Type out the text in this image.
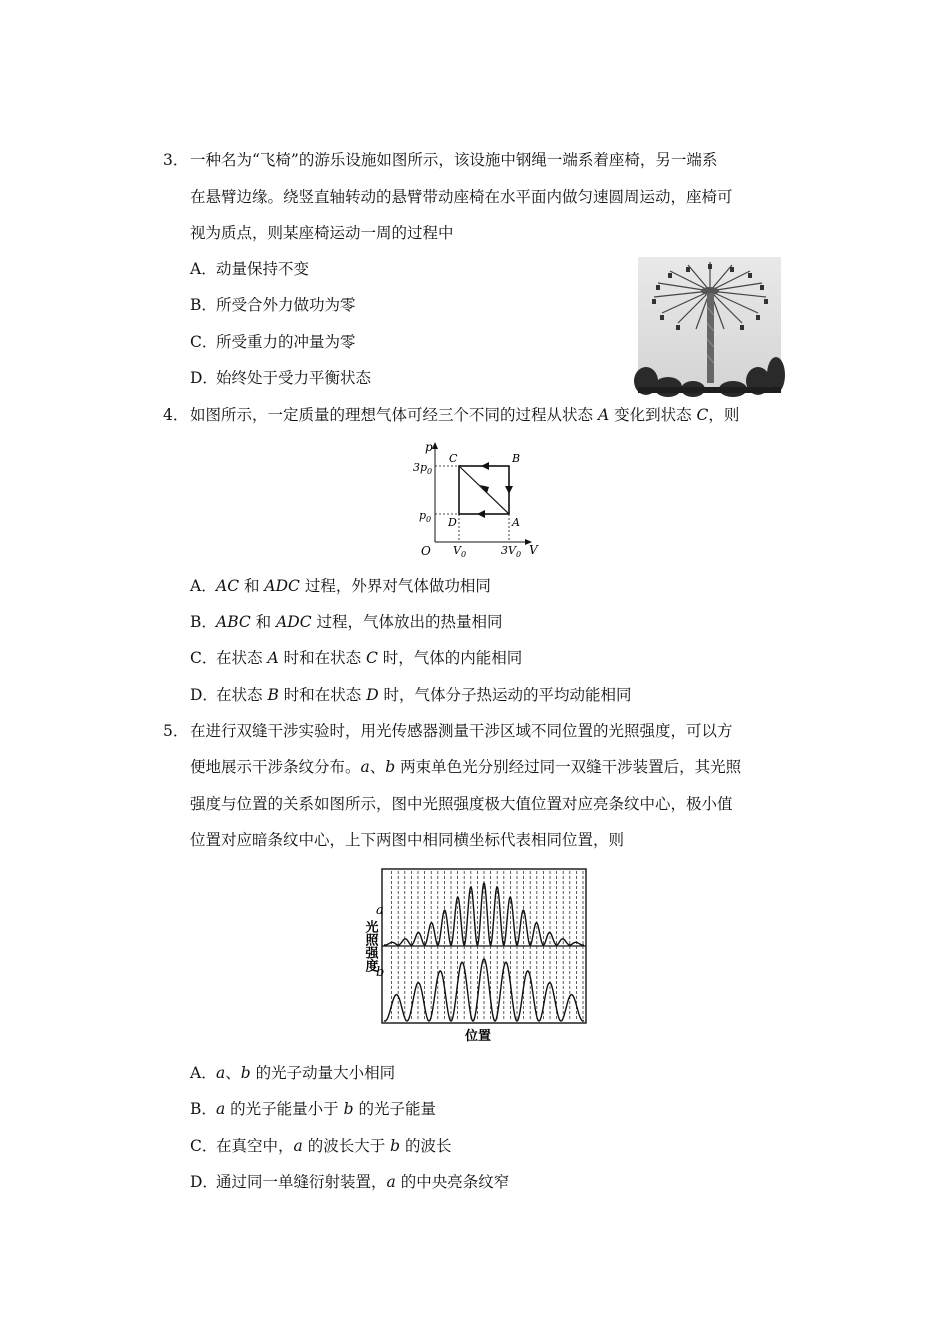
3． 一种名为“飞椅”的游乐设施如图所示，该设施中钢绳一端系着座椅，另一端系
在悬臂边缘。绕竖直轴转动的悬臂带动座椅在水平面内做匀速圆周运动，座椅可
视为质点，则某座椅运动一周的过程中
A．动量保持不变
B．所受合外力做功为零
C．所受重力的冲量为零
D．始终处于受力平衡状态
4． 如图所示，一定质量的理想气体可经三个不同的过程从状态 A 变化到状态 C，则
p
V
O
$3p_0$
$p_0$
$V_0$	$3V_0$
C	B
D	A
A．AC 和 ADC 过程，外界对气体做功相同
B．ABC 和 ADC 过程，气体放出的热量相同
C．在状态 A 时和在状态 C 时，气体的内能相同
D．在状态 B 时和在状态 D 时，气体分子热运动的平均动能相同
5． 在进行双缝干涉实验时，用光传感器测量干涉区域不同位置的光照强度，可以方
便地展示干涉条纹分布。a、b 两束单色光分别经过同一双缝干涉装置后，其光照
强度与位置的关系如图所示，图中光照强度极大值位置对应亮条纹中心，极小值
位置对应暗条纹中心，上下两图中相同横坐标代表相同位置，则
a
b
位置
光照强度
A．a、b 的光子动量大小相同
B．a 的光子能量小于 b 的光子能量
C．在真空中，a 的波长大于 b 的波长
D．通过同一单缝衍射装置，a 的中央亮条纹窄
